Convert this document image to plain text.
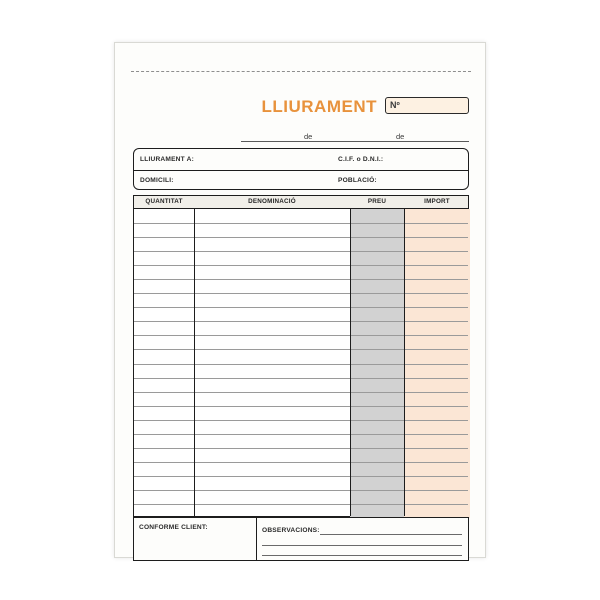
LLIURAMENT Nº
de	de
LLIURAMENT A:	C.I.F. o D.N.I.:
DOMICILI:	POBLACIÓ:
QUANTITAT	DENOMINACIÓ	PREU	IMPORT
CONFORME CLIENT:	OBSERVACIONS:
